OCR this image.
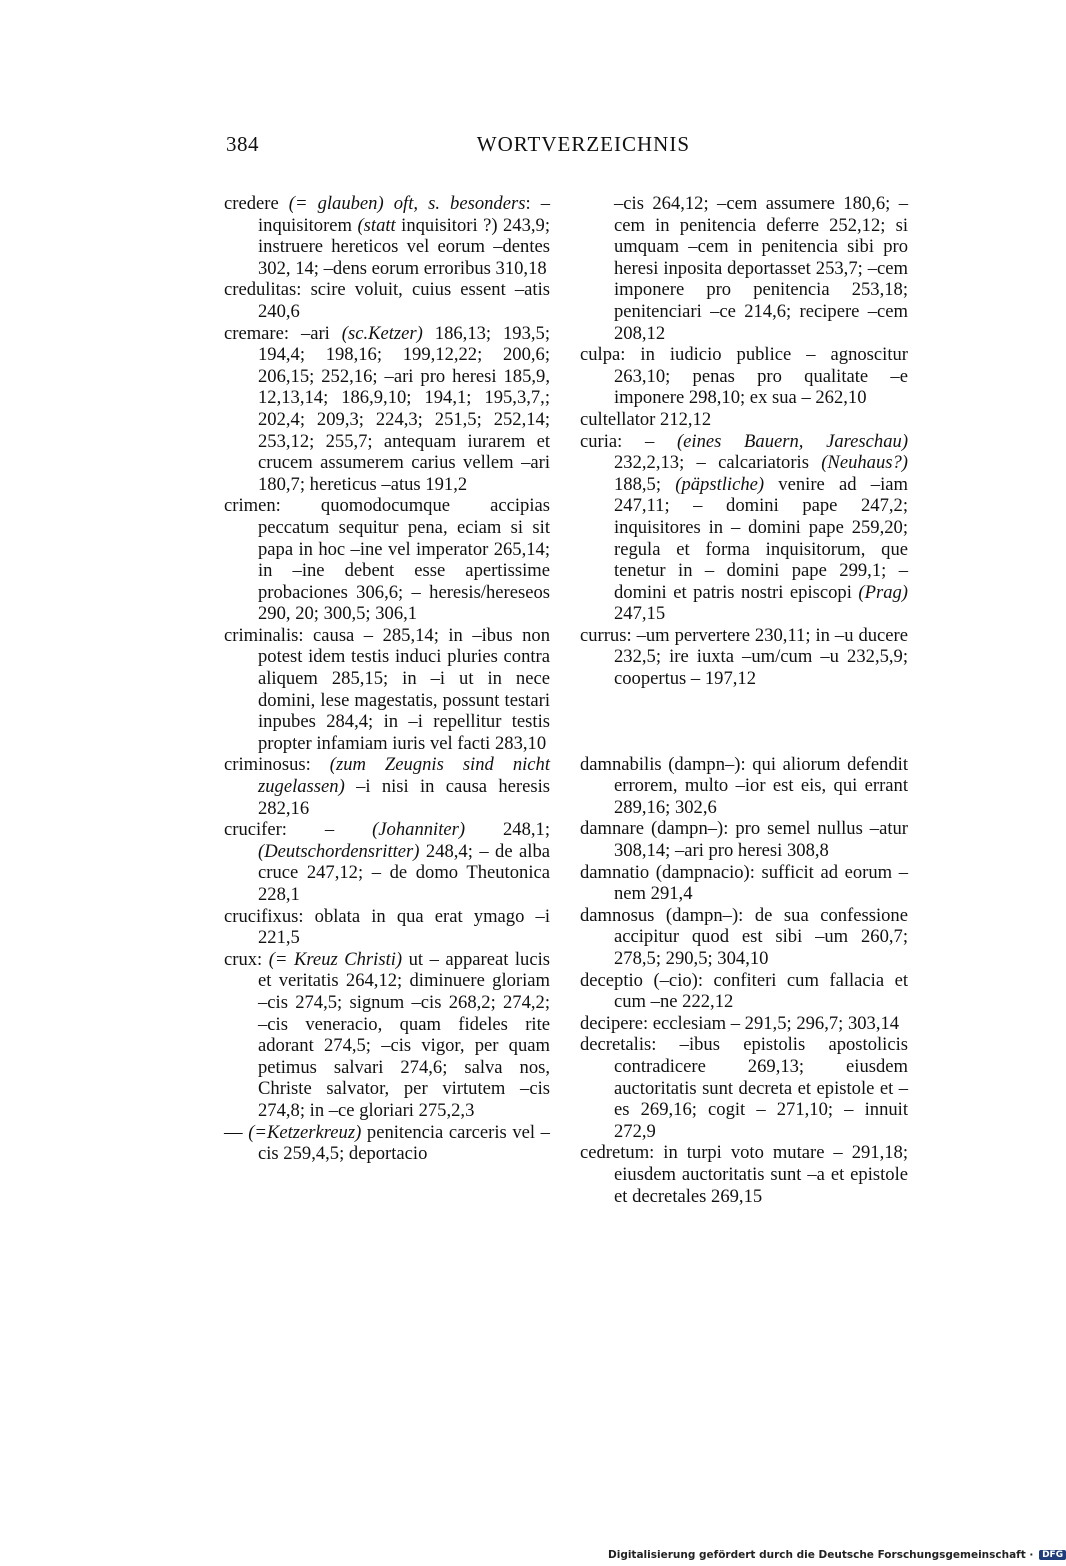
384	WORTVERZEICHNIS

credere (= glauben) oft, s. besonders: – inquisitorem (statt inquisitori ?) 243,9; instruere hereticos vel eorum –dentes 302, 14; –dens eorum erroribus 310,18

credulitas: scire voluit, cuius essent –atis 240,6

cremare: –ari (sc.Ketzer) 186,13; 193,5; 194,4; 198,16; 199,12,22; 200,6; 206,15; 252,16; –ari pro heresi 185,9, 12,13,14; 186,9,10; 194,1; 195,3,7,; 202,4; 209,3; 224,3; 251,5; 252,14; 253,12; 255,7; antequam iurarem et crucem assumerem carius vellem –ari 180,7; hereticus –atus 191,2

crimen: quomodocumque accipias peccatum sequitur pena, eciam si sit papa in hoc –ine vel imperator 265,14; in –ine debent esse apertissime probaciones 306,6; – heresis/hereseos 290, 20; 300,5; 306,1

criminalis: causa – 285,14; in –ibus non potest idem testis induci pluries contra aliquem 285,15; in –i ut in nece domini, lese magestatis, possunt testari inpubes 284,4; in –i repellitur testis propter infamiam iuris vel facti 283,10

criminosus: (zum Zeugnis sind nicht zugelassen) –i nisi in causa heresis 282,16

crucifer: – (Johanniter) 248,1; (Deutschordensritter) 248,4; – de alba cruce 247,12; – de domo Theutonica 228,1

crucifixus: oblata in qua erat ymago –i 221,5

crux: (= Kreuz Christi) ut – appareat lucis et veritatis 264,12; diminuere gloriam –cis 274,5; signum –cis 268,2; 274,2; –cis veneracio, quam fideles rite adorant 274,5; –cis vigor, per quam petimus salvari 274,6; salva nos, Christe salvator, per virtutem –cis 274,8; in –ce gloriari 275,2,3

— (=Ketzerkreuz) penitencia carceris vel –cis 259,4,5; deportacio

–cis 264,12; –cem assumere 180,6; –cem in penitencia deferre 252,12; si umquam –cem in penitencia sibi pro heresi inposita deportasset 253,7; –cem imponere pro penitencia 253,18; penitenciari –ce 214,6; recipere –cem 208,12

culpa: in iudicio publice – agnoscitur 263,10; penas pro qualitate –e imponere 298,10; ex sua – 262,10

cultellator 212,12

curia: – (eines Bauern, Jareschau) 232,2,13; – calcariatoris (Neuhaus?) 188,5; (päpstliche) venire ad –iam 247,11; – domini pape 247,2; inquisitores in – domini pape 259,20; regula et forma inquisitorum, que tenetur in – domini pape 299,1; – domini et patris nostri episcopi (Prag) 247,15

currus: –um pervertere 230,11; in –u ducere 232,5; ire iuxta –um/cum –u 232,5,9; coopertus – 197,12

damnabilis (dampn–): qui aliorum defendit errorem, multo –ior est eis, qui errant 289,16; 302,6

damnare (dampn–): pro semel nullus –atur 308,14; –ari pro heresi 308,8

damnatio (dampnacio): sufficit ad eorum –nem 291,4

damnosus (dampn–): de sua confessione accipitur quod est sibi –um 260,7; 278,5; 290,5; 304,10

deceptio (–cio): confiteri cum fallacia et cum –ne 222,12

decipere: ecclesiam – 291,5; 296,7; 303,14

decretalis: –ibus epistolis apostolicis contradicere 269,13; eiusdem auctoritatis sunt decreta et epistole et –es 269,16; cogit – 271,10; – innuit 272,9

cedretum: in turpi voto mutare – 291,18; eiusdem auctoritatis sunt –a et epistole et decretales 269,15

Digitalisierung gefördert durch die Deutsche Forschungsgemeinschaft · DFG
